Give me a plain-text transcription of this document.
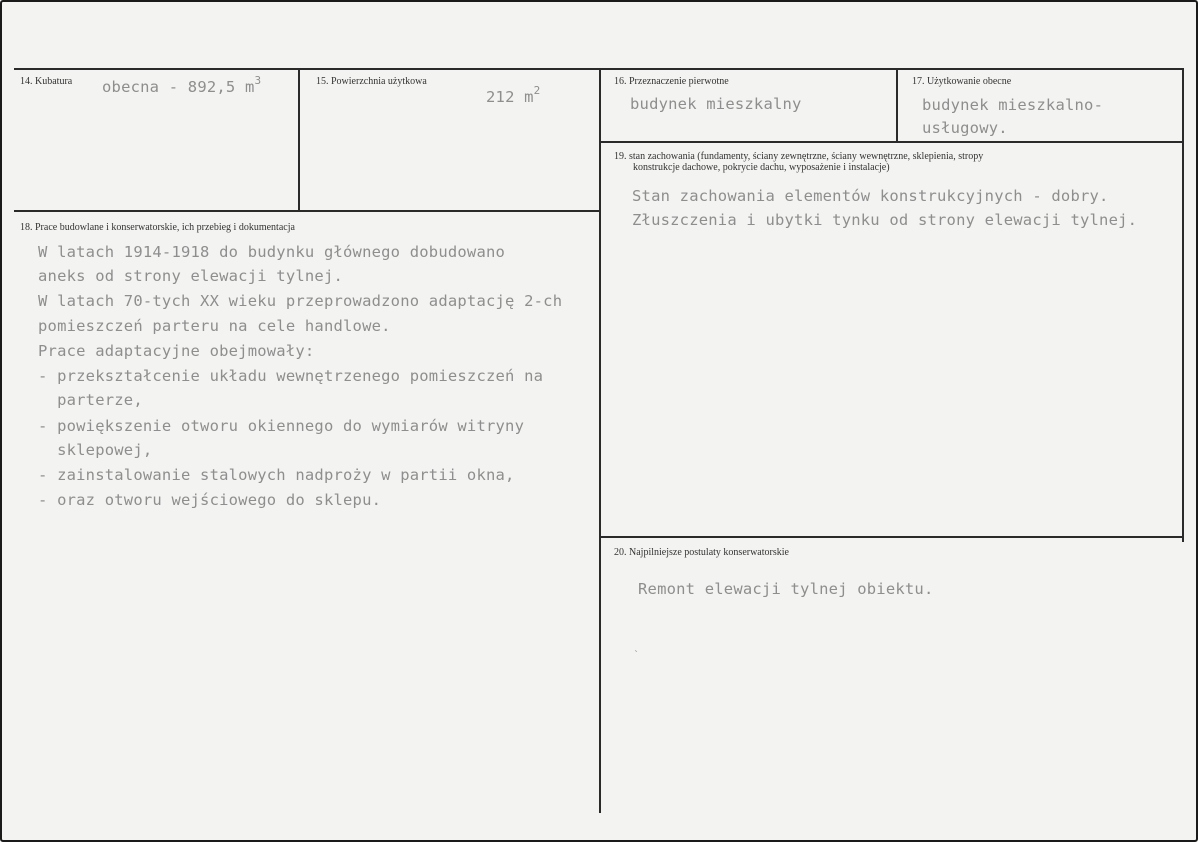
14. Kubatura obecna - 892,5 $m^3$	15. Powierzchnia użytkowa
212 $m^2$
16. Przeznaczenie pierwotne
budynek mieszkalny
17. Użytkowanie obecne
budynek mieszkalno-
usługowy.
18. Prace budowlane i konserwatorskie, ich przebieg i dokumentacja
W latach 1914-1918 do budynku głównego dobudowano
aneks od strony elewacji tylnej.
W latach 70-tych XX wieku przeprowadzono adaptację 2-ch
pomieszczeń parteru na cele handlowe.
Prace adaptacyjne obejmowały:
- przekształcenie układu wewnętrzenego pomieszczeń na
parterze,
- powiększenie otworu okiennego do wymiarów witryny
sklepowej,
- zainstalowanie stalowych nadproży w partii okna,
- oraz otworu wejściowego do sklepu.
19. stan zachowania (fundamenty, ściany zewnętrzne, ściany wewnętrzne, sklepienia, stropy
konstrukcje dachowe, pokrycie dachu, wyposażenie i instalacje)
Stan zachowania elementów konstrukcyjnych - dobry.
Złuszczenia i ubytki tynku od strony elewacji tylnej.
20. Najpilniejsze postulaty konserwatorskie
Remont elewacji tylnej obiektu.
`
